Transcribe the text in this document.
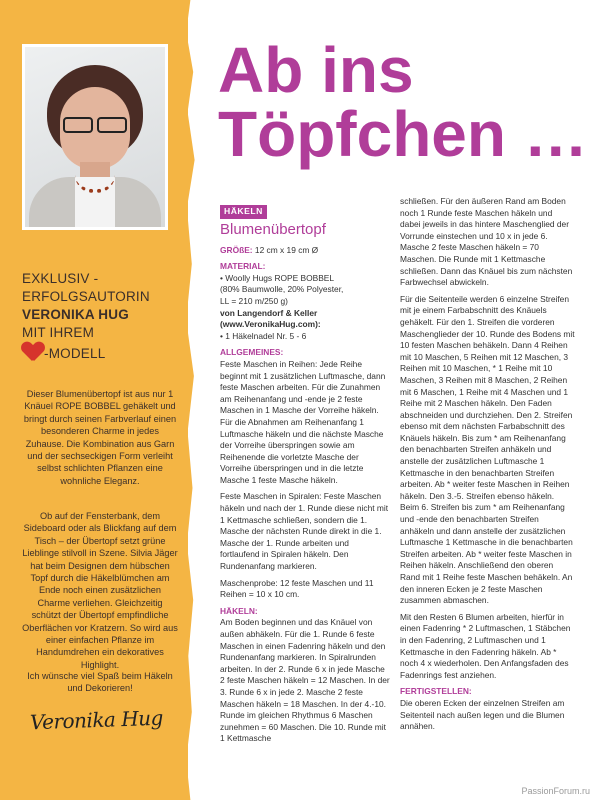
EXKLUSIV -
ERFOLGSAUTORIN
VERONIKA HUG
MIT IHREM
-MODELL
Dieser Blumenübertopf ist aus nur 1 Knäuel ROPE BOBBEL gehäkelt und bringt durch seinen Farbverlauf einen besonderen Charme in jedes Zuhause. Die Kombination aus Garn und der sechseckigen Form verleiht selbst schlichten Pflanzen eine wohnliche Eleganz.
Ob auf der Fensterbank, dem Sideboard oder als Blickfang auf dem Tisch – der Übertopf setzt grüne Lieblinge stilvoll in Szene. Silvia Jäger hat beim Designen dem hübschen Topf durch die Häkelblümchen am Ende noch einen zusätzlichen Charme verliehen. Gleichzeitig schützt der Übertopf empfindliche Oberflächen vor Kratzern. So wird aus einer einfachen Pflanze im Handumdrehen ein dekoratives Highlight.
Ich wünsche viel Spaß beim Häkeln und Dekorieren!
Veronika Hug
Ab ins
Töpfchen …
HÄKELN
Blumenübertopf

GRÖßE: 12 cm x 19 cm Ø

MATERIAL:

• Woolly Hugs ROPE BOBBEL
(80% Baumwolle, 20% Polyester,
LL = 210 m/250 g)
von Langendorf & Keller
(www.VeronikaHug.com):
• 1 Häkelnadel Nr. 5 - 6

ALLGEMEINES:

Feste Maschen in Reihen: Jede Reihe beginnt mit 1 zusätzlichen Luftmasche, dann feste Maschen arbeiten. Für die Zunahmen am Reihenanfang und -ende je 2 feste Maschen in 1 Masche der Vorreihe häkeln. Für die Abnahmen am Reihenanfang 1 Luftmasche häkeln und die nächste Masche der Vorreihe überspringen sowie am Reihenende die vorletzte Masche der Vorreihe überspringen und in die letzte Masche 1 feste Masche häkeln.

Feste Maschen in Spiralen: Feste Maschen häkeln und nach der 1. Runde diese nicht mit 1 Kettmasche schließen, sondern die 1. Masche der nächsten Runde direkt in die 1. Masche der 1. Runde arbeiten und fortlaufend in Spiralen häkeln. Den Rundenanfang markieren.

Maschenprobe: 12 feste Maschen und 11 Reihen = 10 x 10 cm.

HÄKELN:

Am Boden beginnen und das Knäuel von außen abhäkeln. Für die 1. Runde 6 feste Maschen in einen Fadenring häkeln und den Rundenanfang markieren. In Spiralrunden arbeiten. In der 2. Runde 6 x in jede Masche 2 feste Maschen häkeln = 12 Maschen. In der 3. Runde 6 x in jede 2. Masche 2 feste Maschen häkeln = 18 Maschen. In der 4.-10. Runde im gleichen Rhythmus 6 Maschen zunehmen = 60 Maschen. Die 10. Runde mit 1 Kettmasche

schließen. Für den äußeren Rand am Boden noch 1 Runde feste Maschen häkeln und dabei jeweils in das hintere Maschenglied der Vorrunde einstechen und 10 x in jede 6. Masche 2 feste Maschen häkeln = 70 Maschen. Die Runde mit 1 Kettmasche schließen. Dann das Knäuel bis zum nächsten Farbwechsel abwickeln.

Für die Seitenteile werden 6 einzelne Streifen mit je einem Farbabschnitt des Knäuels gehäkelt. Für den 1. Streifen die vorderen Maschenglieder der 10. Runde des Bodens mit 10 festen Maschen behäkeln. Dann 4 Reihen mit 10 Maschen, 5 Reihen mit 12 Maschen, 3 Reihen mit 10 Maschen, * 1 Reihe mit 10 Maschen, 3 Reihen mit 8 Maschen, 2 Reihen mit 6 Maschen, 1 Reihe mit 4 Maschen und 1 Reihe mit 2 Maschen häkeln. Den Faden abschneiden und durchziehen. Den 2. Streifen ebenso mit dem nächsten Farbabschnitt des Knäuels häkeln. Bis zum * am Reihenanfang den benachbarten Streifen anhäkeln und anstelle der zusätzlichen Luftmasche 1 Kettmasche in den benachbarten Streifen arbeiten. Ab * weiter feste Maschen in Reihen häkeln. Den 3.-5. Streifen ebenso häkeln. Beim 6. Streifen bis zum * am Reihenanfang und -ende den benachbarten Streifen anhäkeln und dann anstelle der zusätzlichen Luftmasche 1 Kettmasche in die benachbarten Streifen arbeiten. Ab * weiter feste Maschen in Reihen häkeln. Anschließend den oberen Rand mit 1 Reihe feste Maschen behäkeln. An den inneren Ecken je 2 feste Maschen zusammen abmaschen.

Mit den Resten 6 Blumen arbeiten, hierfür in einen Fadenring * 2 Luftmaschen, 1 Stäbchen in den Fadenring, 2 Luftmaschen und 1 Kettmasche in den Fadenring häkeln. Ab * noch 4 x wiederholen. Den Anfangsfaden des Fadenrings fest anziehen.

FERTIGSTELLEN:

Die oberen Ecken der einzelnen Streifen am Seitenteil nach außen legen und die Blumen annähen.

PassionForum.ru
